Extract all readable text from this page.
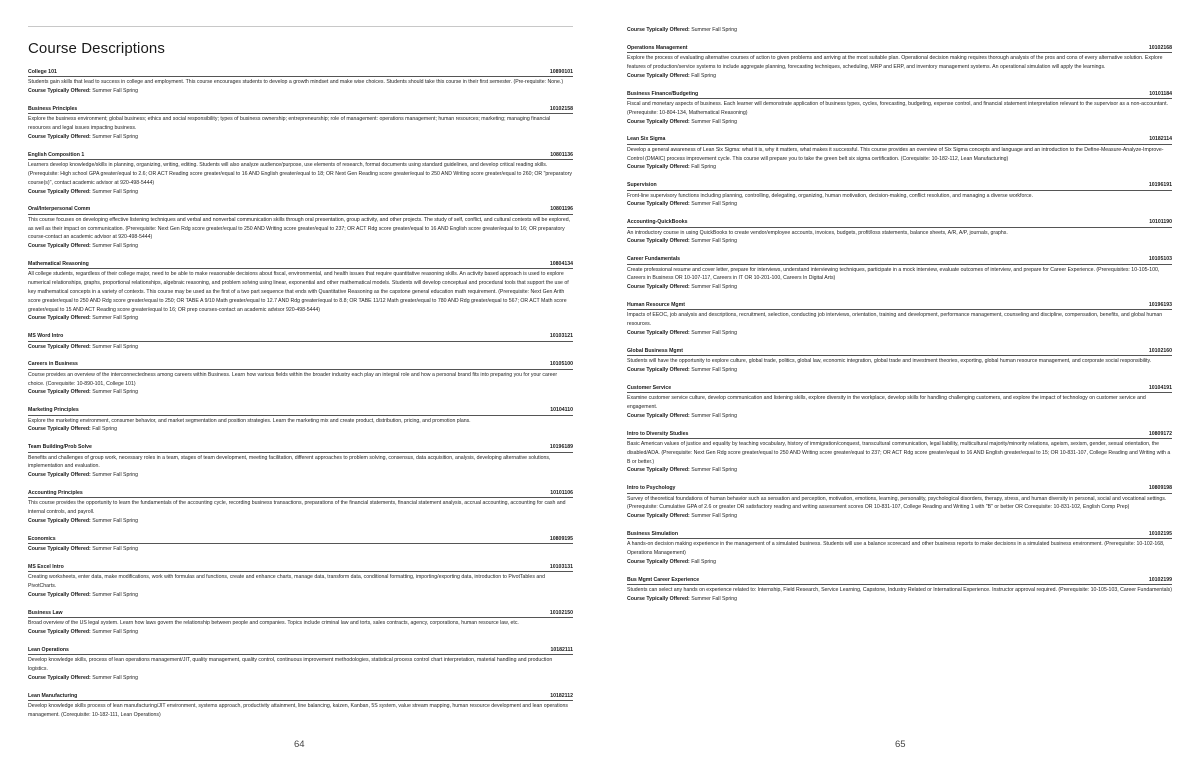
Course Descriptions
College 101	10890101
Students gain skills that lead to success in college and employment. This course encourages students to develop a growth mindset and make wise choices. Students should take this course in their first semester. (Pre-requisite: None.)
Course Typically Offered: Summer Fall Spring
Business Principles	10102158
Explore the business environment; global business; ethics and social responsibility; types of business ownership; entrepreneurship; role of management: operations management; human resources; marketing; managing financial resources and legal issues impacting business.
Course Typically Offered: Summer Fall Spring
English Composition 1	10801136
Learners develop knowledge/skills in planning, organizing, writing, editing. Students will also analyze audience/purpose, use elements of research, format documents using standard guidelines, and develop critical reading skills. (Prerequisite: High school GPA greater/equal to 2.6; OR ACT Reading score greater/equal to 16 AND English greater/equal to 18; OR Next Gen Reading score greater/equal to 250 AND Writing score greater/equal to 260; OR "preparatory course(s)", contact academic advisor at 920-498-5444)
Course Typically Offered: Summer Fall Spring
Oral/Interpersonal Comm	10801196
This course focuses on developing effective listening techniques and verbal and nonverbal communication skills through oral presentation, group activity, and other projects. The study of self, conflict, and cultural contexts will be explored, as well as their impact on communication. (Prerequisite: Next Gen Rdg score greater/equal to 250 AND Writing score greater/equal to 237; OR ACT Rdg score greater/equal to 16 AND English score greater/equal to 16; OR preparatory course-contact an academic advisor at 920-498-5444)
Course Typically Offered: Summer Fall Spring
Mathematical Reasoning	10804134
All college students, regardless of their college major, need to be able to make reasonable decisions about fiscal, environmental, and health issues that require quantitative reasoning skills. An activity based approach is used to explore numerical relationships, graphs, proportional relationships, algebraic reasoning, and problem solving using linear, exponential and other mathematical models. Students will develop conceptual and procedural tools that support the use of key mathematical concepts in a variety of contexts. This course may be used as the first of a two part sequence that ends with Quantitative Reasoning as the capstone general education math requirement. (Prerequisite: Next Gen Arith score greater/equal to 250 AND Rdg score greater/equal to 250; OR TABE A 9/10 Math greater/equal to 12.7 AND Rdg greater/equal to 8.8; OR TABE 11/12 Math greater/equal to 780 AND Rdg greater/equal to 567; OR ACT Math score greater/equal to 15 AND ACT Reading score greater/equal to 16; OR prep courses-contact an academic advisor 920-498-5444)
Course Typically Offered: Summer Fall Spring
MS Word Intro	10103121
Course Typically Offered: Summer Fall Spring
Careers in Business	10105100
Course provides an overview of the interconnectedness among careers within Business. Learn how various fields within the broader industry each play an integral role and how a personal brand fits into preparing you for your career choice. (Corequisite: 10-890-101, College 101)
Course Typically Offered: Summer Fall Spring
Marketing Principles	10104110
Explore the marketing environment, consumer behavior, and market segmentation and position strategies. Learn the marketing mix and create product, distribution, pricing, and promotion plans.
Course Typically Offered: Fall Spring
Team Building/Prob Solve	10196189
Benefits and challenges of group work, necessary roles in a team, stages of team development, meeting facilitation, different approaches to problem solving, consensus, data acquisition, analysis, developing alternative solutions, implementation and evaluation.
Course Typically Offered: Summer Fall Spring
Accounting Principles	10101106
This course provides the opportunity to learn the fundamentals of the accounting cycle, recording business transactions, preparations of the financial statements, financial statement analysis, accrual accounting, accounting for cash and internal controls, and payroll.
Course Typically Offered: Summer Fall Spring
Economics	10809195
Course Typically Offered: Summer Fall Spring
MS Excel Intro	10103131
Creating worksheets, enter data, make modifications, work with formulas and functions, create and enhance charts, manage data, transform data, conditional formatting, importing/exporting data, introduction to PivotTables and PivotCharts.
Course Typically Offered: Summer Fall Spring
Business Law	10102150
Broad overview of the US legal system. Learn how laws govern the relationship between people and companies. Topics include criminal law and torts, sales contracts, agency, corporations, human resource law, etc.
Course Typically Offered: Summer Fall Spring
Lean Operations	10182111
Develop knowledge skills, process of lean operations management/JIT, quality management, quality control, continuous improvement methodologies, statistical process control chart interpretation, material handling and production logistics.
Course Typically Offered: Summer Fall Spring
Lean Manufacturing	10182112
Develop knowledge skills process of lean manufacturing/JIT environment, systems approach, productivity attainment, line balancing, kaizen, Kanban, 5S system, value stream mapping, human resource development and lean operations management. (Corequisite: 10-182-111, Lean Operations)
64
Course Typically Offered: Summer Fall Spring
Operations Management	10102168
Explore the process of evaluating alternative courses of action to given problems and arriving at the most suitable plan. Operational decision making requires thorough analysis of the pros and cons of every alternative solution. Explore features of production/service systems to include aggregate planning, forecasting techniques, scheduling, MRP and ERP, and inventory management systems. An operational simulation will apply the learnings.
Course Typically Offered: Fall Spring
Business Finance/Budgeting	10101184
Fiscal and monetary aspects of business. Each learner will demonstrate application of business types, cycles, forecasting, budgeting, expense control, and financial statement interpretation relevant to the supervisor as a non-accountant. (Prerequisite: 10-804-134, Mathematical Reasoning)
Course Typically Offered: Summer Fall Spring
Lean Six Sigma	10182114
Develop a general awareness of Lean Six Sigma: what it is, why it matters, what makes it successful. This course provides an overview of Six Sigma concepts and language and an introduction to the Define-Measure-Analyze-Improve-Control (DMAIC) process improvement cycle. This course will prepare you to take the green belt six sigma certification. (Corequisite: 10-182-112, Lean Manufacturing)
Course Typically Offered: Fall Spring
Supervision	10196191
Front-line supervisory functions including planning, controlling, delegating, organizing, human motivation, decision-making, conflict resolution, and managing a diverse workforce.
Course Typically Offered: Summer Fall Spring
Accounting-QuickBooks	10101190
An introductory course in using QuickBooks to create vendor/employee accounts, invoices, budgets, profit/loss statements, balance sheets, A/R, A/P, journals, graphs.
Course Typically Offered: Summer Fall Spring
Career Fundamentals	10105103
Create professional resume and cover letter, prepare for interviews, understand interviewing techniques, participate in a mock interview, evaluate outcomes of interview, and prepare for Career Experience. (Prerequisites: 10-105-100, Careers in Business OR 10-107-117, Careers in IT OR 10-201-100, Careers In Digital Arts)
Course Typically Offered: Summer Fall Spring
Human Resource Mgmt	10196193
Impacts of EEOC, job analysis and descriptions, recruitment, selection, conducting job interviews, orientation, training and development, performance management, counseling and discipline, compensation, benefits, and global human resources.
Course Typically Offered: Summer Fall Spring
Global Business Mgmt	10102160
Students will have the opportunity to explore culture, global trade, politics, global law, economic integration, global trade and investment theories, exporting, global human resource management, and corporate social responsibility.
Course Typically Offered: Summer Fall Spring
Customer Service	10104191
Examine customer service culture, develop communication and listening skills, explore diversity in the workplace, develop skills for handling challenging customers, and explore the impact of technology on customer service and engagement.
Course Typically Offered: Summer Fall Spring
Intro to Diversity Studies	10809172
Basic American values of justice and equality by teaching vocabulary, history of immigration/conquest, transcultural communication, legal liability, multicultural majority/minority relations, ageism, sexism, gender, sexual orientation, the disabled/ADA. (Prerequisite: Next Gen Rdg score greater/equal to 250 AND Writing score greater/equal to 237; OR ACT Rdg score greater/equal to 16 AND English greater/equal to 15; OR 10-831-107, College Reading and Writing with a B or better.)
Course Typically Offered: Summer Fall Spring
Intro to Psychology	10809198
Survey of theoretical foundations of human behavior such as sensation and perception, motivation, emotions, learning, personality, psychological disorders, therapy, stress, and human diversity in personal, social and vocational settings. (Prerequisite: Cumulative GPA of 2.6 or greater OR satisfactory reading and writing assessment scores OR 10-831-107, College Reading and Writing 1 with "B" or better OR Corequisite: 10-831-102, English Comp Prep)
Course Typically Offered: Summer Fall Spring
Business Simulation	10102195
A hands-on decision making experience in the management of a simulated business. Students will use a balance scorecard and other business reports to make decisions in a simulated business environment. (Prerequisite: 10-102-168, Operations Management)
Course Typically Offered: Fall Spring
Bus Mgmt Career Experience	10102199
Students can select any hands on experience related to: Internship, Field Research, Service Learning, Capstone, Industry Related or International Experience. Instructor approval required. (Prerequisite: 10-105-103, Career Fundamentals)
Course Typically Offered: Summer Fall Spring
65
